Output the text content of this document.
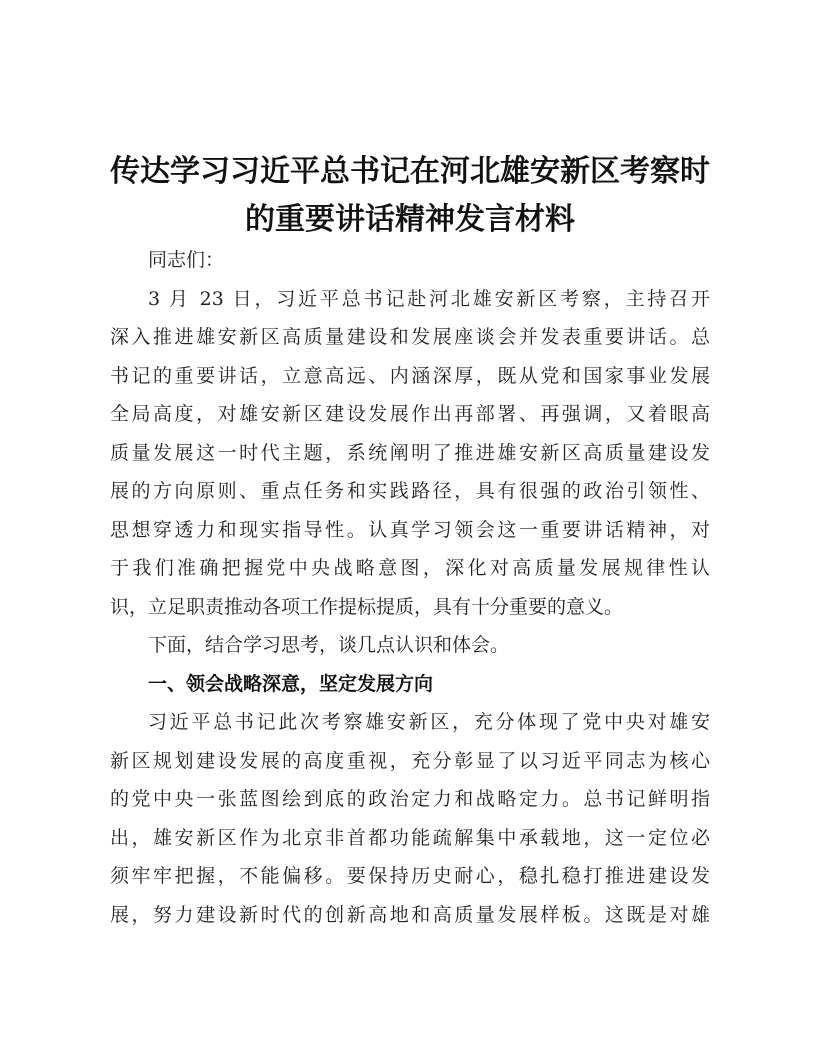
传达学习习近平总书记在河北雄安新区考察时
的重要讲话精神发言材料
同志们：
3 月 23 日，习近平总书记赴河北雄安新区考察，主持召开
深入推进雄安新区高质量建设和发展座谈会并发表重要讲话。总
书记的重要讲话，立意高远、内涵深厚，既从党和国家事业发展
全局高度，对雄安新区建设发展作出再部署、再强调，又着眼高
质量发展这一时代主题，系统阐明了推进雄安新区高质量建设发
展的方向原则、重点任务和实践路径，具有很强的政治引领性、
思想穿透力和现实指导性。认真学习领会这一重要讲话精神，对
于我们准确把握党中央战略意图，深化对高质量发展规律性认
识，立足职责推动各项工作提标提质，具有十分重要的意义。
下面，结合学习思考，谈几点认识和体会。
一、领会战略深意，坚定发展方向
习近平总书记此次考察雄安新区，充分体现了党中央对雄安
新区规划建设发展的高度重视，充分彰显了以习近平同志为核心
的党中央一张蓝图绘到底的政治定力和战略定力。总书记鲜明指
出，雄安新区作为北京非首都功能疏解集中承载地，这一定位必
须牢牢把握，不能偏移。要保持历史耐心，稳扎稳打推进建设发
展，努力建设新时代的创新高地和高质量发展样板。这既是对雄
